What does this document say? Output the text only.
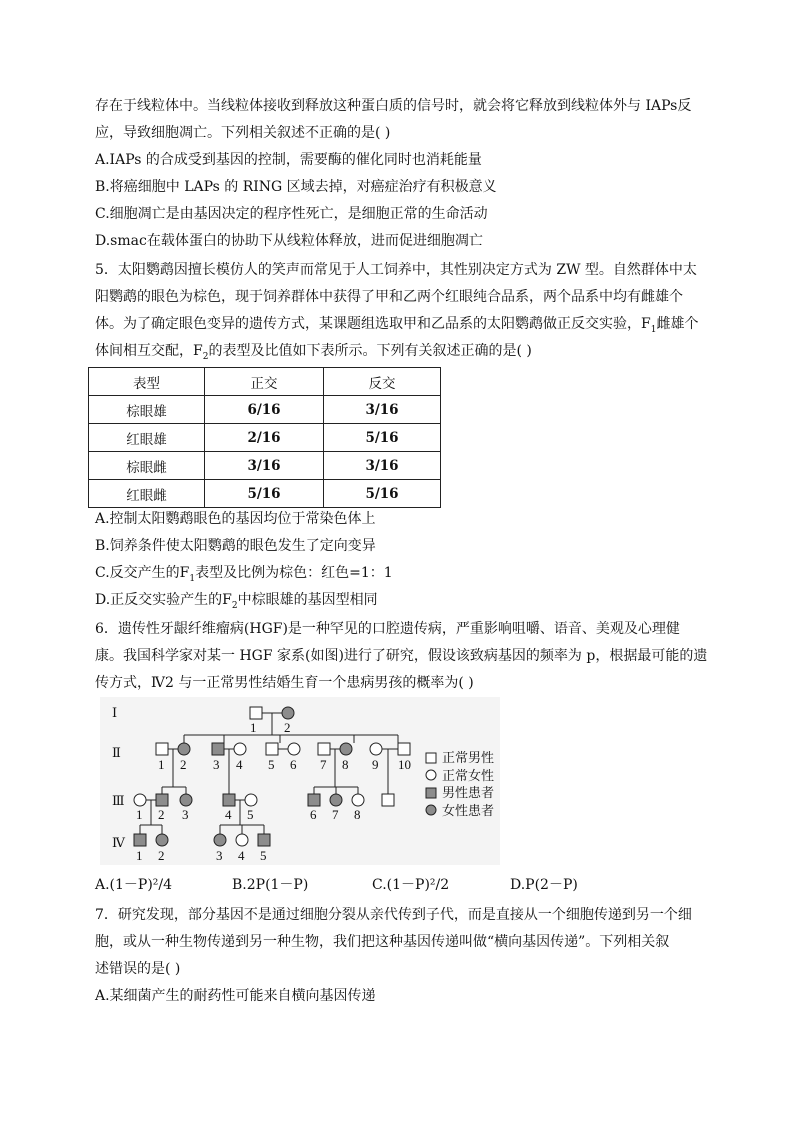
存在于线粒体中。当线粒体接收到释放这种蛋白质的信号时，就会将它释放到线粒体外与 IAPs反
应，导致细胞凋亡。下列相关叙述不正确的是( )
A.IAPs 的合成受到基因的控制，需要酶的催化同时也消耗能量
B.将癌细胞中 LAPs 的 RING 区域去掉，对癌症治疗有积极意义
C.细胞凋亡是由基因决定的程序性死亡，是细胞正常的生命活动
D.smac在载体蛋白的协助下从线粒体释放，进而促进细胞凋亡
5．太阳鹦鹉因擅长模仿人的笑声而常见于人工饲养中，其性别决定方式为 ZW 型。自然群体中太
阳鹦鹉的眼色为棕色，现于饲养群体中获得了甲和乙两个红眼纯合品系，两个品系中均有雌雄个
体。为了确定眼色变异的遗传方式，某课题组选取甲和乙品系的太阳鹦鹉做正反交实验，$F_1$雌雄个
体间相互交配，$F_2$的表型及比值如下表所示。下列有关叙述正确的是( )
表型	正交	反交
棕眼雄	6/16	3/16
红眼雄	2/16	5/16
棕眼雌	3/16	3/16
红眼雌	5/16	5/16
A.控制太阳鹦鹉眼色的基因均位于常染色体上
B.饲养条件使太阳鹦鹉的眼色发生了定向变异
C.反交产生的$F_1$表型及比例为棕色：红色=1：1
D.正反交实验产生的$F_2$中棕眼雄的基因型相同
6．遗传性牙龈纤维瘤病(HGF)是一种罕见的口腔遗传病，严重影响咀嚼、语音、美观及心理健
康。我国科学家对某一 HGF 家系(如图)进行了研究，假设该致病基因的频率为 p，根据最可能的遗
传方式，Ⅳ2 与一正常男性结婚生育一个患病男孩的概率为( )
Ⅰ
Ⅱ
Ⅲ
Ⅳ
1 2
1 2 3 4 5 6 7 8 9 10
1 2 3	4 5	6 7 8
1 2	3 4 5
正常男性
正常女性
男性患者
女性患者
A.(1－P)²/4	B.2P(1－P)	C.(1－P)²/2	D.P(2－P)
7．研究发现，部分基因不是通过细胞分裂从亲代传到子代，而是直接从一个细胞传递到另一个细
胞，或从一种生物传递到另一种生物，我们把这种基因传递叫做“横向基因传递”。下列相关叙
述错误的是( )
A.某细菌产生的耐药性可能来自横向基因传递
